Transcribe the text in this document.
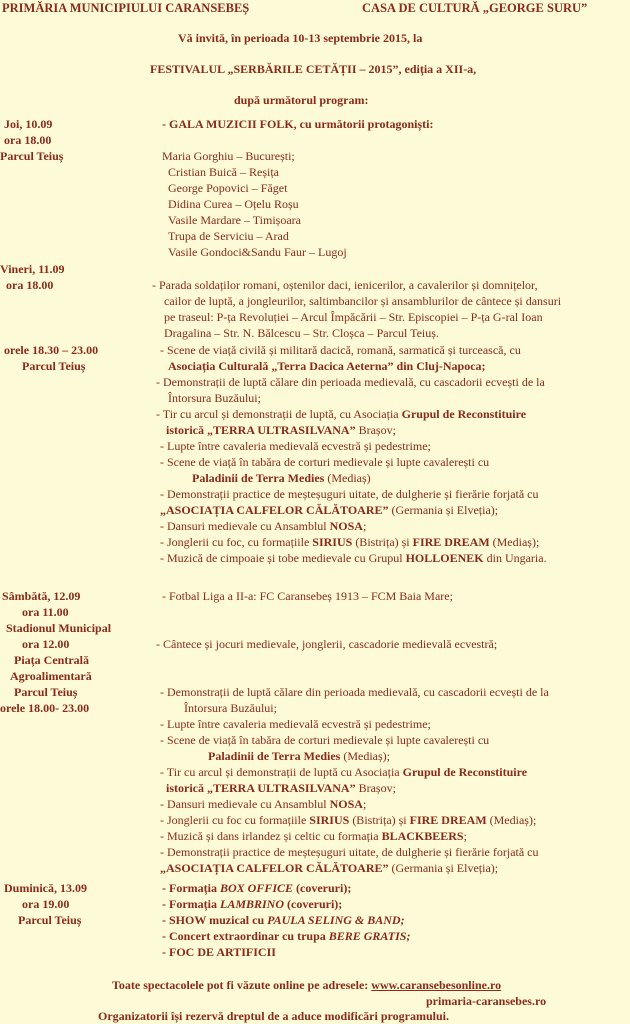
PRIMĂRIA MUNICIPIULUI CARANSEBEȘ	CASA DE CULTURĂ „GEORGE SURU”
Vă invită, în perioada 10-13 septembrie 2015, la
FESTIVALUL „SERBĂRILE CETĂȚII – 2015”, ediția a XII-a,
după următorul program:
Joi, 10.09
ora 18.00
Parcul Teiuș
- GALA MUZICII FOLK, cu următorii protagoniști:
Maria Gorghiu – București;
Cristian Buică – Reșița
George Popovici – Făget
Didina Curea – Oțelu Roșu
Vasile Mardare – Timișoara
Trupa de Serviciu – Arad
Vasile Gondoci&Sandu Faur – Lugoj
Vineri, 11.09
ora 18.00	- Parada soldaților romani, oștenilor daci, ienicerilor, a cavalerilor și domnițelor,
cailor de luptă, a jongleurilor, saltimbancilor și ansamblurilor de cântece și dansuri
pe traseul: P-ța Revoluției – Arcul Împăcării – Str. Episcopiei – P-ța G-ral Ioan
Dragalina – Str. N. Bălcescu – Str. Cloșca – Parcul Teiuș.
orele 18.30 – 23.00
Parcul Teiuș
- Scene de viață civilă și militară dacică, romană, sarmatică și turcească, cu
Asociația Culturală „Terra Dacica Aeterna” din Cluj-Napoca;
- Demonstrații de luptă călare din perioada medievală, cu cascadorii ecvești de la
Întorsura Buzăului;
- Tir cu arcul și demonstrații de luptă, cu Asociația Grupul de Reconstituire
istorică „TERRA ULTRASILVANA” Brașov;
- Lupte între cavaleria medievală ecvestră și pedestrime;
- Scene de viață în tabăra de corturi medievale și lupte cavalerești cu
Paladinii de Terra Medies (Mediaș)
- Demonstrații practice de meșteșuguri uitate, de dulgherie și fierărie forjată cu
„ASOCIAȚIA CALFELOR CĂLĂTOARE” (Germania și Elveția);
- Dansuri medievale cu Ansamblul NOSA;
- Jonglerii cu foc, cu formațiile SIRIUS (Bistrița) și FIRE DREAM (Mediaș);
- Muzică de cimpoaie și tobe medievale cu Grupul HOLLOENEK din Ungaria.
Sâmbătă, 12.09
ora 11.00
Stadionul Municipal
ora 12.00
Piața Centrală
Agroalimentară
Parcul Teiuș
orele 18.00- 23.00
- Fotbal Liga a II-a: FC Caransebeș 1913 – FCM Baia Mare;
- Cântece și jocuri medievale, jonglerii, cascadorie medievală ecvestră;
- Demonstrații de luptă călare din perioada medievală, cu cascadorii ecvești de la
Întorsura Buzăului;
- Lupte între cavaleria medievală ecvestră și pedestrime;
- Scene de viață în tabăra de corturi medievale și lupte cavalerești cu
Paladinii de Terra Medies (Mediaș);
- Tir cu arcul și demonstrații de luptă cu Asociația Grupul de Reconstituire
istorică „TERRA ULTRASILVANA” Brașov;
- Dansuri medievale cu Ansamblul NOSA;
- Jonglerii cu foc cu formațiile SIRIUS (Bistrița) și FIRE DREAM (Mediaș);
- Muzică și dans irlandez și celtic cu formația BLACKBEERS;
- Demonstrații practice de meșteșuguri uitate, de dulgherie și fierărie forjată cu
„ASOCIAȚIA CALFELOR CĂLĂTOARE” (Germania și Elveția);
Duminică, 13.09
ora 19.00
Parcul Teiuș
- Formația BOX OFFICE (coveruri);
- Formația LAMBRINO (coveruri);
- SHOW muzical cu PAULA SELING & BAND;
- Concert extraordinar cu trupa BERE GRATIS;
- FOC DE ARTIFICII
Toate spectacolele pot fi văzute online pe adresele: www.caransebesonline.ro
primaria-caransebes.ro
Organizatorii își rezervă dreptul de a aduce modificări programului.
